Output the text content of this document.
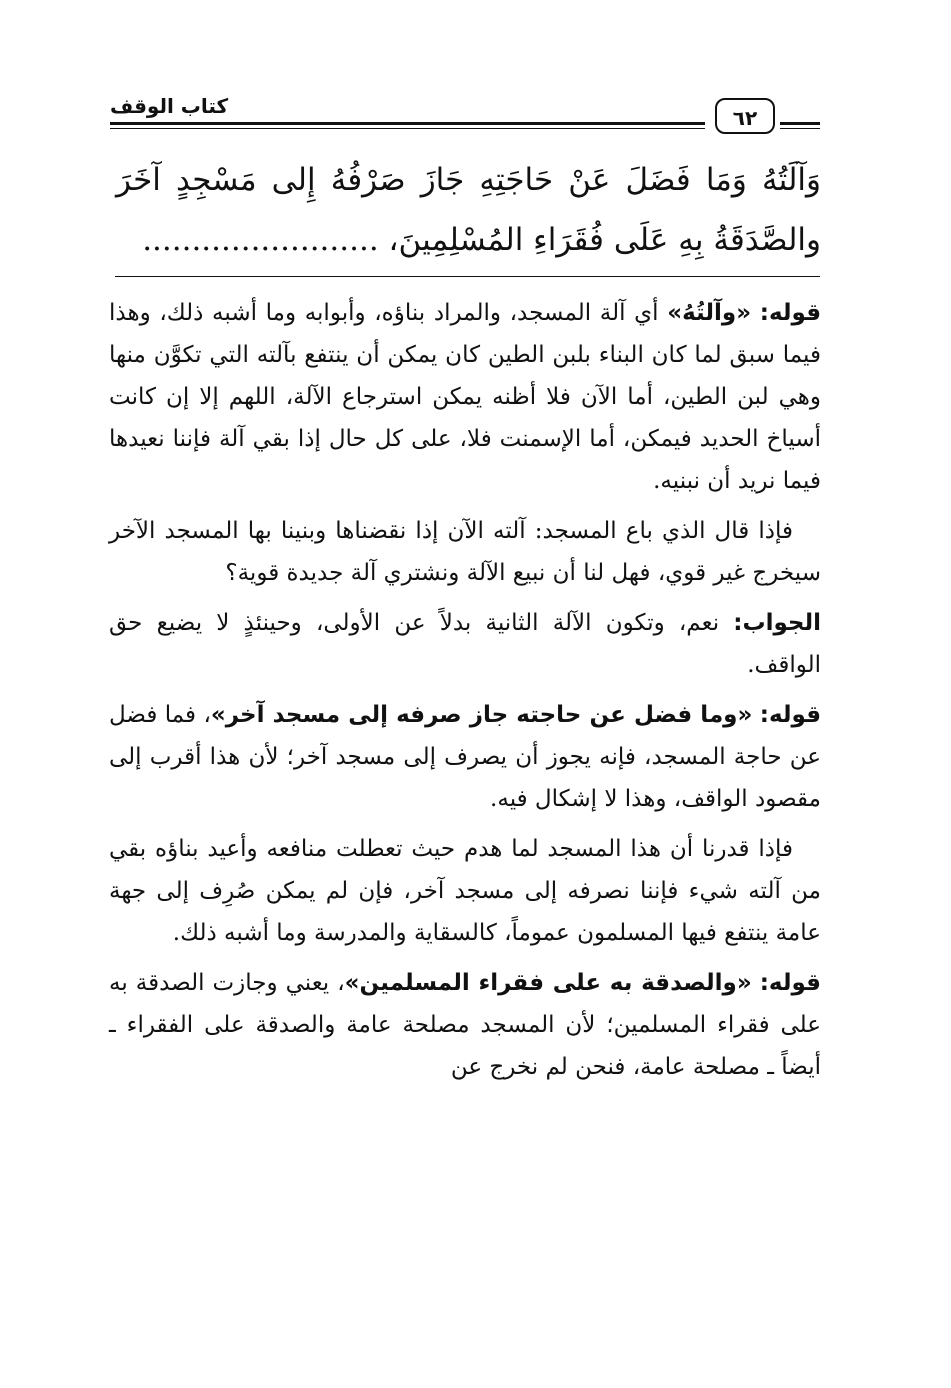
كتاب الوقف	٦٢
وَآلَتُهُ وَمَا فَضَلَ عَنْ حَاجَتِهِ جَازَ صَرْفُهُ إِلى مَسْجِدٍ آخَرَ
والصَّدَقَةُ بِهِ عَلَى فُقَرَاءِ المُسْلِمِينَ، ........................

قوله: «وآلتُهُ» أي آلة المسجد، والمراد بناؤه، وأبوابه وما أشبه ذلك، وهذا فيما سبق لما كان البناء بلبن الطين كان يمكن أن ينتفع بآلته التي تكوَّن منها وهي لبن الطين، أما الآن فلا أظنه يمكن استرجاع الآلة، اللهم إلا إن كانت أسياخ الحديد فيمكن، أما الإسمنت فلا، على كل حال إذا بقي آلة فإننا نعيدها فيما نريد أن نبنيه.

فإذا قال الذي باع المسجد: آلته الآن إذا نقضناها وبنينا بها المسجد الآخر سيخرج غير قوي، فهل لنا أن نبيع الآلة ونشتري آلة جديدة قوية؟

الجواب: نعم، وتكون الآلة الثانية بدلاً عن الأولى، وحينئذٍ لا يضيع حق الواقف.

قوله: «وما فضل عن حاجته جاز صرفه إلى مسجد آخر»، فما فضل عن حاجة المسجد، فإنه يجوز أن يصرف إلى مسجد آخر؛ لأن هذا أقرب إلى مقصود الواقف، وهذا لا إشكال فيه.

فإذا قدرنا أن هذا المسجد لما هدم حيث تعطلت منافعه وأعيد بناؤه بقي من آلته شيء فإننا نصرفه إلى مسجد آخر، فإن لم يمكن صُرِف إلى جهة عامة ينتفع فيها المسلمون عموماً، كالسقاية والمدرسة وما أشبه ذلك.

قوله: «والصدقة به على فقراء المسلمين»، يعني وجازت الصدقة به على فقراء المسلمين؛ لأن المسجد مصلحة عامة والصدقة على الفقراء ـ أيضاً ـ مصلحة عامة، فنحن لم نخرج عن
